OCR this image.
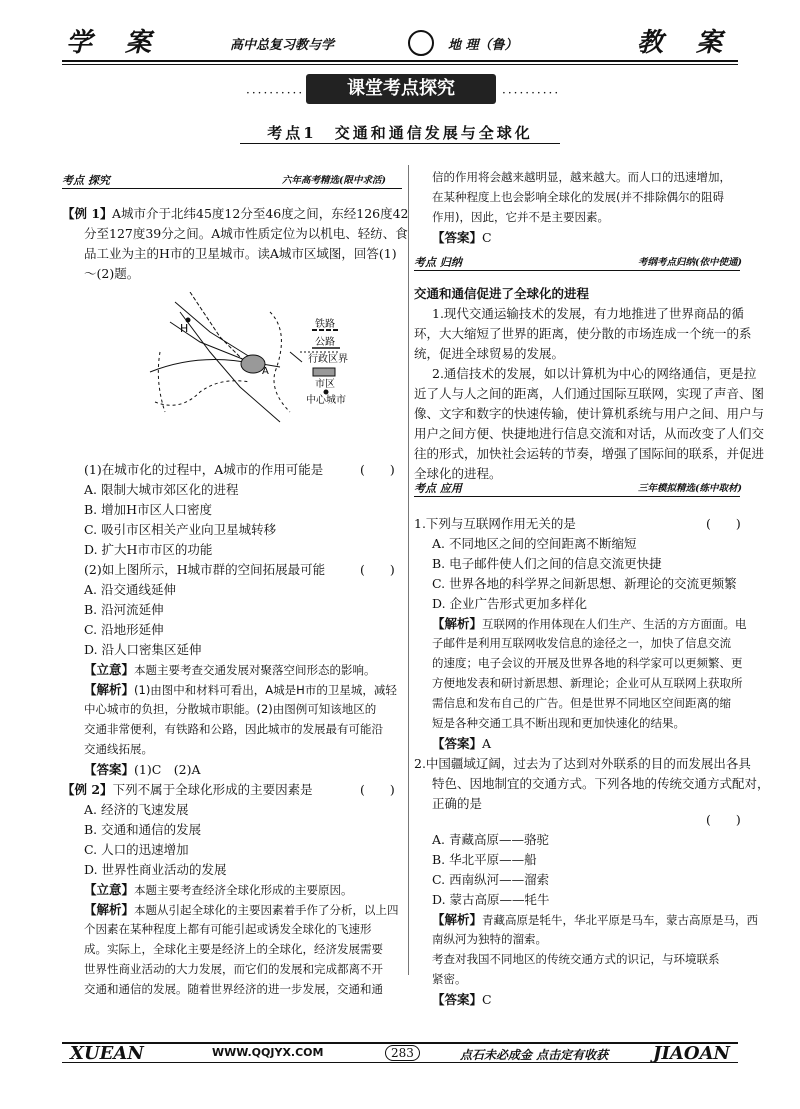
学 案	高中总复习教与学	地 理（鲁）	教 案
··········	课堂考点探究	··········
考点1　交通和通信发展与全球化
考点 探究	六年高考精选(限中求活)
【例 1】 A城市介于北纬45度12分至46度之间，东经126度42
分至127度39分之间。A城市性质定位为以机电、轻纺、食
品工业为主的H市的卫星城市。读A城市区域图，回答(1)
～(2)题。
H
A
铁路
公路
行政区界
市区
中心城市
(1)在城市化的过程中，A城市的作用可能是	(　　)
A. 限制大城市郊区化的进程
B. 增加H市区人口密度
C. 吸引市区相关产业向卫星城转移
D. 扩大H市市区的功能
(2)如上图所示，H城市群的空间拓展最可能	(　　)
A. 沿交通线延伸
B. 沿河流延伸
C. 沿地形延伸
D. 沿人口密集区延伸
【立意】本题主要考查交通发展对聚落空间形态的影响。
【解析】(1)由图中和材料可看出，A城是H市的卫星城，减轻
中心城市的负担，分散城市职能。(2)由图例可知该地区的
交通非常便利，有铁路和公路，因此城市的发展最有可能沿
交通线拓展。
【答案】(1)C　(2)A
【例 2】下列不属于全球化形成的主要因素是	(　　)
A. 经济的飞速发展
B. 交通和通信的发展
C. 人口的迅速增加
D. 世界性商业活动的发展
【立意】本题主要考查经济全球化形成的主要原因。
【解析】本题从引起全球化的主要因素着手作了分析，以上四
个因素在某种程度上都有可能引起或诱发全球化的飞速形
成。实际上，全球化主要是经济上的全球化，经济发展需要
世界性商业活动的大力发展，而它们的发展和完成都离不开
交通和通信的发展。随着世界经济的进一步发展，交通和通
信的作用将会越来越明显，越来越大。而人口的迅速增加，
在某种程度上也会影响全球化的发展(并不排除偶尔的阻碍
作用)，因此，它并不是主要因素。
【答案】C
考点 归纳	考纲考点归纳(依中使通)
交通和通信促进了全球化的进程
1.现代交通运输技术的发展，有力地推进了世界商品的循
环，大大缩短了世界的距离，使分散的市场连成一个统一的系
统，促进全球贸易的发展。
2.通信技术的发展，如以计算机为中心的网络通信，更是拉
近了人与人之间的距离，人们通过国际互联网，实现了声音、图
像、文字和数字的快速传输，使计算机系统与用户之间、用户与
用户之间方便、快捷地进行信息交流和对话，从而改变了人们交
往的形式，加快社会运转的节奏，增强了国际间的联系，并促进
全球化的进程。
考点 应用	三年模拟精选(练中取材)
1.下列与互联网作用无关的是	(　　)
A. 不同地区之间的空间距离不断缩短
B. 电子邮件使人们之间的信息交流更快捷
C. 世界各地的科学界之间新思想、新理论的交流更频繁
D. 企业广告形式更加多样化
【解析】互联网的作用体现在人们生产、生活的方方面面。电
子邮件是利用互联网收发信息的途径之一，加快了信息交流
的速度；电子会议的开展及世界各地的科学家可以更频繁、更
方便地发表和研讨新思想、新理论；企业可从互联网上获取所
需信息和发布自己的广告。但是世界不同地区空间距离的缩
短是各种交通工具不断出现和更加快速化的结果。
【答案】A
2.中国疆域辽阔，过去为了达到对外联系的目的而发展出各具
特色、因地制宜的交通方式。下列各地的传统交通方式配对，
正确的是
(　　)
A. 青藏高原——骆驼
B. 华北平原——船
C. 西南纵河——溜索
D. 蒙古高原——牦牛
【解析】青藏高原是牦牛，华北平原是马车，蒙古高原是马，西
南纵河为独特的溜索。
考查对我国不同地区的传统交通方式的识记，与环境联系
紧密。
【答案】C
XUEAN	WWW.QQJYX.COM	283	点石未必成金 点击定有收获 JIAOAN
